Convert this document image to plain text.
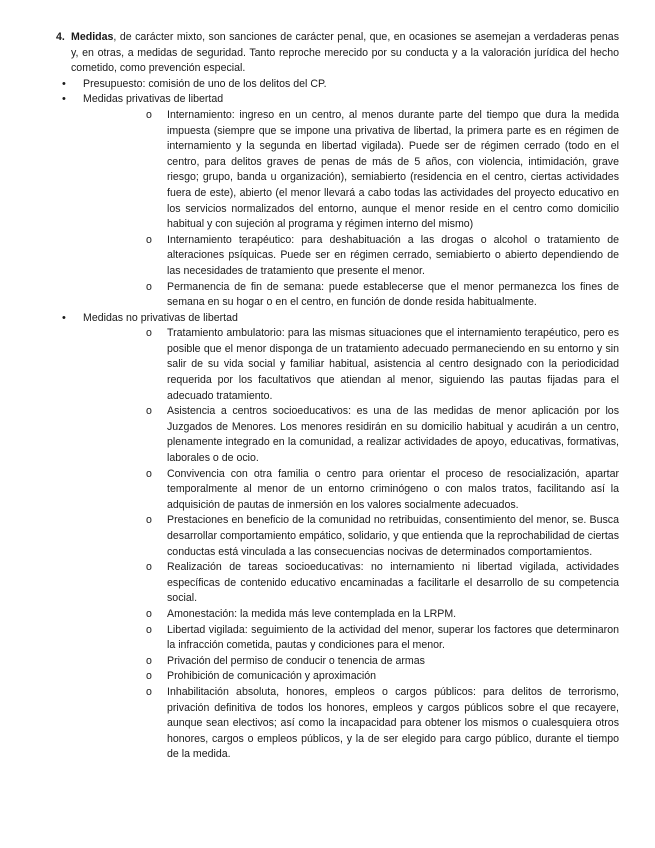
4. Medidas, de carácter mixto, son sanciones de carácter penal, que, en ocasiones se asemejan a verdaderas penas y, en otras, a medidas de seguridad. Tanto reproche merecido por su conducta y a la valoración jurídica del hecho cometido, como prevención especial.
• Presupuesto: comisión de uno de los delitos del CP.
• Medidas privativas de libertad
o Internamiento: ingreso en un centro, al menos durante parte del tiempo que dura la medida impuesta (siempre que se impone una privativa de libertad, la primera parte es en régimen de internamiento y la segunda en libertad vigilada). Puede ser de régimen cerrado (todo en el centro, para delitos graves de penas de más de 5 años, con violencia, intimidación, grave riesgo; grupo, banda u organización), semiabierto (residencia en el centro, ciertas actividades fuera de este), abierto (el menor llevará a cabo todas las actividades del proyecto educativo en los servicios normalizados del entorno, aunque el menor reside en el centro como domicilio habitual y con sujeción al programa y régimen interno del mismo)
o Internamiento terapéutico: para deshabituación a las drogas o alcohol o tratamiento de alteraciones psíquicas. Puede ser en régimen cerrado, semiabierto o abierto dependiendo de las necesidades de tratamiento que presente el menor.
o Permanencia de fin de semana: puede establecerse que el menor permanezca los fines de semana en su hogar o en el centro, en función de donde resida habitualmente.
• Medidas no privativas de libertad
o Tratamiento ambulatorio: para las mismas situaciones que el internamiento terapéutico, pero es posible que el menor disponga de un tratamiento adecuado permaneciendo en su entorno y sin salir de su vida social y familiar habitual, asistencia al centro designado con la periodicidad requerida por los facultativos que atiendan al menor, siguiendo las pautas fijadas para el adecuado tratamiento.
o Asistencia a centros socioeducativos: es una de las medidas de menor aplicación por los Juzgados de Menores. Los menores residirán en su domicilio habitual y acudirán a un centro, plenamente integrado en la comunidad, a realizar actividades de apoyo, educativas, formativas, laborales o de ocio.
o Convivencia con otra familia o centro para orientar el proceso de resocialización, apartar temporalmente al menor de un entorno criminógeno o con malos tratos, facilitando así la adquisición de pautas de inmersión en los valores socialmente adecuados.
o Prestaciones en beneficio de la comunidad no retribuidas, consentimiento del menor, se. Busca desarrollar comportamiento empático, solidario, y que entienda que la reprochabilidad de ciertas conductas está vinculada a las consecuencias nocivas de determinados comportamientos.
o Realización de tareas socioeducativas: no internamiento ni libertad vigilada, actividades específicas de contenido educativo encaminadas a facilitarle el desarrollo de su competencia social.
o Amonestación: la medida más leve contemplada en la LRPM.
o Libertad vigilada: seguimiento de la actividad del menor, superar los factores que determinaron la infracción cometida, pautas y condiciones para el menor.
o Privación del permiso de conducir o tenencia de armas
o Prohibición de comunicación y aproximación
o Inhabilitación absoluta, honores, empleos o cargos públicos: para delitos de terrorismo, privación definitiva de todos los honores, empleos y cargos públicos sobre el que recayere, aunque sean electivos; así como la incapacidad para obtener los mismos o cualesquiera otros honores, cargos o empleos públicos, y la de ser elegido para cargo público, durante el tiempo de la medida.
